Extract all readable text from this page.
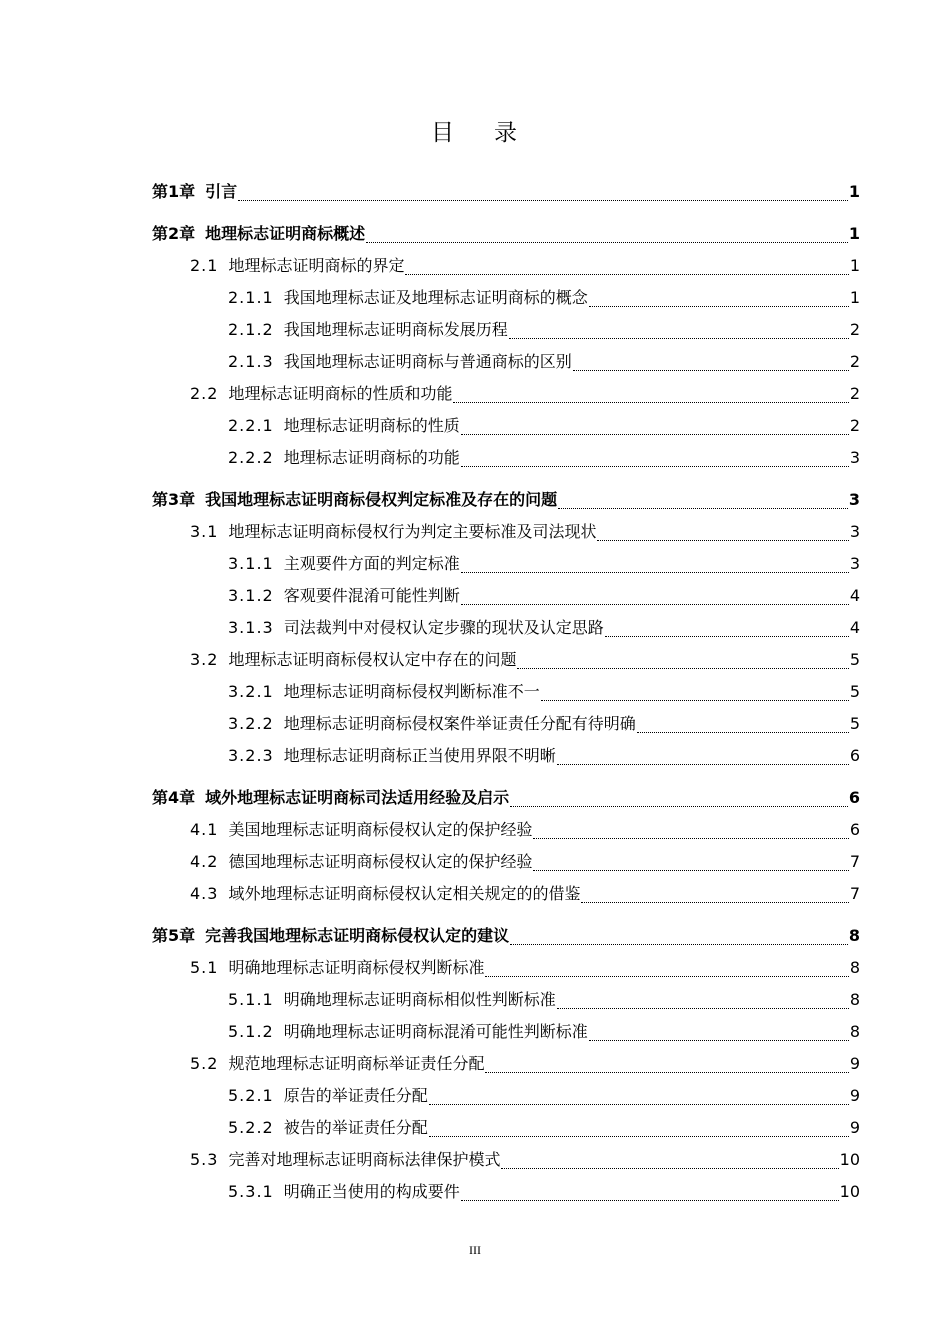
目 录
第1章 引言	1
第2章 地理标志证明商标概述	1
2.1 地理标志证明商标的界定	1
2.1.1 我国地理标志证及地理标志证明商标的概念	1
2.1.2 我国地理标志证明商标发展历程	2
2.1.3 我国地理标志证明商标与普通商标的区别	2
2.2 地理标志证明商标的性质和功能	2
2.2.1 地理标志证明商标的性质	2
2.2.2 地理标志证明商标的功能	3
第3章 我国地理标志证明商标侵权判定标准及存在的问题	3
3.1 地理标志证明商标侵权行为判定主要标准及司法现状	3
3.1.1 主观要件方面的判定标准	3
3.1.2 客观要件混淆可能性判断	4
3.1.3 司法裁判中对侵权认定步骤的现状及认定思路	4
3.2 地理标志证明商标侵权认定中存在的问题	5
3.2.1 地理标志证明商标侵权判断标准不一	5
3.2.2 地理标志证明商标侵权案件举证责任分配有待明确	5
3.2.3 地理标志证明商标正当使用界限不明晰	6
第4章 域外地理标志证明商标司法适用经验及启示	6
4.1 美国地理标志证明商标侵权认定的保护经验	6
4.2 德国地理标志证明商标侵权认定的保护经验	7
4.3 域外地理标志证明商标侵权认定相关规定的的借鉴	7
第5章 完善我国地理标志证明商标侵权认定的建议	8
5.1 明确地理标志证明商标侵权判断标准	8
5.1.1 明确地理标志证明商标相似性判断标准	8
5.1.2 明确地理标志证明商标混淆可能性判断标准	8
5.2 规范地理标志证明商标举证责任分配	9
5.2.1 原告的举证责任分配	9
5.2.2 被告的举证责任分配	9
5.3 完善对地理标志证明商标法律保护模式	10
5.3.1 明确正当使用的构成要件	10
III
